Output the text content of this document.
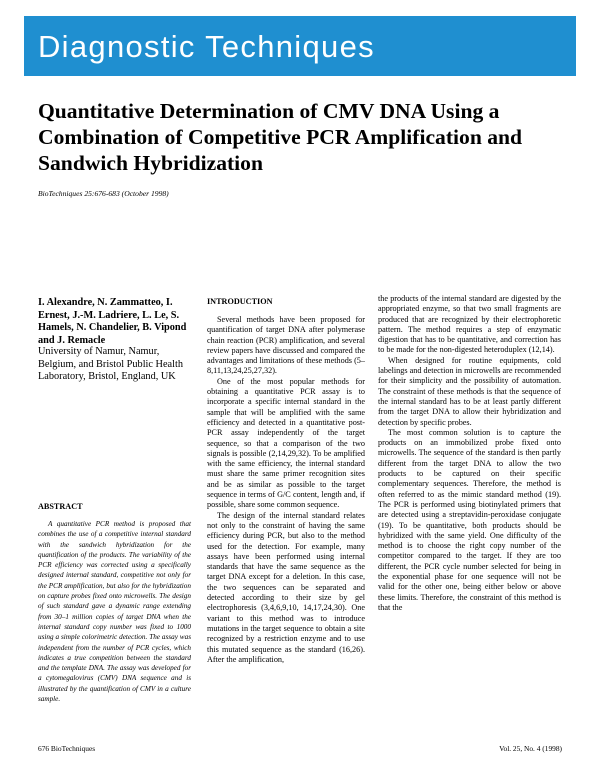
Diagnostic Techniques
Quantitative Determination of CMV DNA Using a Combination of Competitive PCR Amplification and Sandwich Hybridization

BioTechniques 25:676-683 (October 1998)

I. Alexandre, N. Zammatteo, I. Ernest, J.-M. Ladriere, L. Le, S. Hamels, N. Chandelier, B. Vipond and J. Remacle

University of Namur, Namur, Belgium, and Bristol Public Health Laboratory, Bristol, England, UK

ABSTRACT

A quantitative PCR method is proposed that combines the use of a competitive internal standard with the sandwich hybridization for the quantification of the products. The variability of the PCR efficiency was corrected using a specifically designed internal standard, competitive not only for the PCR amplification, but also for the hybridization on capture probes fixed onto microwells. The design of such standard gave a dynamic range extending from 30–1 million copies of target DNA when the internal standard copy number was fixed to 1000 using a simple colorimetric detection. The assay was independent from the number of PCR cycles, which indicates a true competition between the standard and the template DNA. The assay was developed for a cytomegalovirus (CMV) DNA sequence and is illustrated by the quantification of CMV in a culture sample.

INTRODUCTION

Several methods have been proposed for quantification of target DNA after polymerase chain reaction (PCR) amplification, and several review papers have discussed and compared the advantages and limitations of these methods (5–8,11,13,24,25,27,32).

One of the most popular methods for obtaining a quantitative PCR assay is to incorporate a specific internal standard in the sample that will be amplified with the same efficiency and detected in a quantitative post-PCR assay independently of the target sequence, so that a comparison of the two signals is possible (2,14,29,32). To be amplified with the same efficiency, the internal standard must share the same primer recognition sites and be as similar as possible to the target sequence in terms of G/C content, length and, if possible, share some common sequence.

The design of the internal standard relates not only to the constraint of having the same efficiency during PCR, but also to the method used for the detection. For example, many assays have been performed using internal standards that have the same sequence as the target DNA except for a deletion. In this case, the two sequences can be separated and detected according to their size by gel electrophoresis (3,4,6,9,10, 14,17,24,30). One variant to this method was to introduce mutations in the target sequence to obtain a site recognized by a restriction enzyme and to use this mutated sequence as the standard (16,26). After the amplification,

the products of the internal standard are digested by the appropriated enzyme, so that two small fragments are produced that are recognized by their electrophoretic pattern. The method requires a step of enzymatic digestion that has to be quantitative, and correction has to be made for the non-digested heteroduplex (12,14).

When designed for routine equipments, cold labelings and detection in microwells are recommended for their simplicity and the possibility of automation. The constraint of these methods is that the sequence of the internal standard has to be at least partly different from the target DNA to allow their hybridization and detection by specific probes.

The most common solution is to capture the products on an immobilized probe fixed onto microwells. The sequence of the standard is then partly different from the target DNA to allow the two products to be captured on their specific complementary sequences. Therefore, the method is often referred to as the mimic standard method (19). The PCR is performed using biotinylated primers that are detected using a streptavidin-peroxidase conjugate (19). To be quantitative, both products should be hybridized with the same yield. One difficulty of the method is to choose the right copy number of the competitor compared to the target. If they are too different, the PCR cycle number selected for being in the exponential phase for one sequence will not be valid for the other one, being either below or above these limits. Therefore, the constraint of this method is that the

676 BioTechniques	Vol. 25, No. 4 (1998)
